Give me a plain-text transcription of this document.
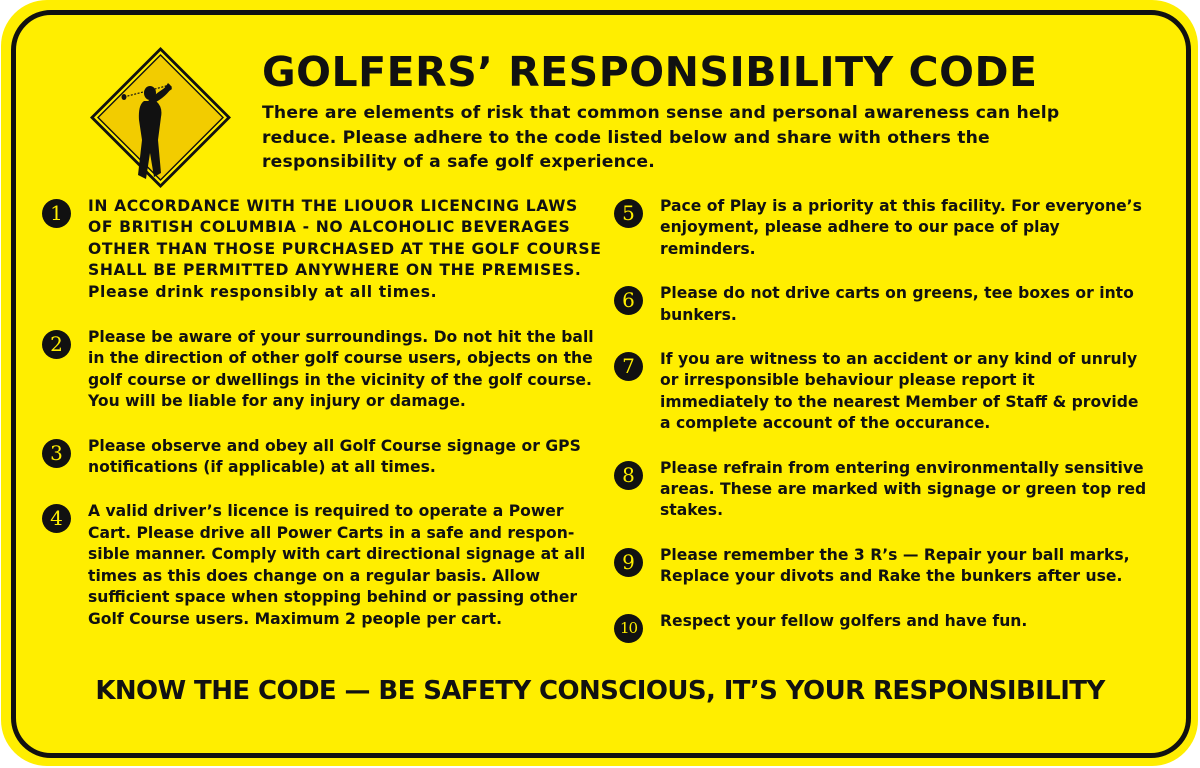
GOLFERS’ RESPONSIBILITY CODE
There are elements of risk that common sense and personal awareness can help reduce. Please adhere to the code listed below and share with others the responsibility of a safe golf experience.
1	IN ACCORDANCE WITH THE LIOUOR LICENCING LAWS OF BRITISH COLUMBIA - NO ALCOHOLIC BEVERAGES OTHER THAN THOSE PURCHASED AT THE GOLF COURSE SHALL BE PERMITTED ANYWHERE ON THE PREMISES. Please drink responsibly at all times.
2	Please be aware of your surroundings. Do not hit the ball in the direction of other golf course users, objects on the golf course or dwellings in the vicinity of the golf course. You will be liable for any injury or damage.
3	Please observe and obey all Golf Course signage or GPS notifications (if applicable) at all times.
4	A valid driver’s licence is required to operate a Power Cart. Please drive all Power Carts in a safe and respon-sible manner. Comply with cart directional signage at all times as this does change on a regular basis. Allow sufficient space when stopping behind or passing other Golf Course users. Maximum 2 people per cart.
5	Pace of Play is a priority at this facility. For everyone’s enjoyment, please adhere to our pace of play reminders.
6	Please do not drive carts on greens, tee boxes or into bunkers.
7	If you are witness to an accident or any kind of unruly or irresponsible behaviour please report it immediately to the nearest Member of Staff & provide a complete account of the occurance.
8	Please refrain from entering environmentally sensitive areas. These are marked with signage or green top red stakes.
9	Please remember the 3 R’s — Repair your ball marks, Replace your divots and Rake the bunkers after use.
10	Respect your fellow golfers and have fun.
KNOW THE CODE — BE SAFETY CONSCIOUS, IT’S YOUR RESPONSIBILITY
